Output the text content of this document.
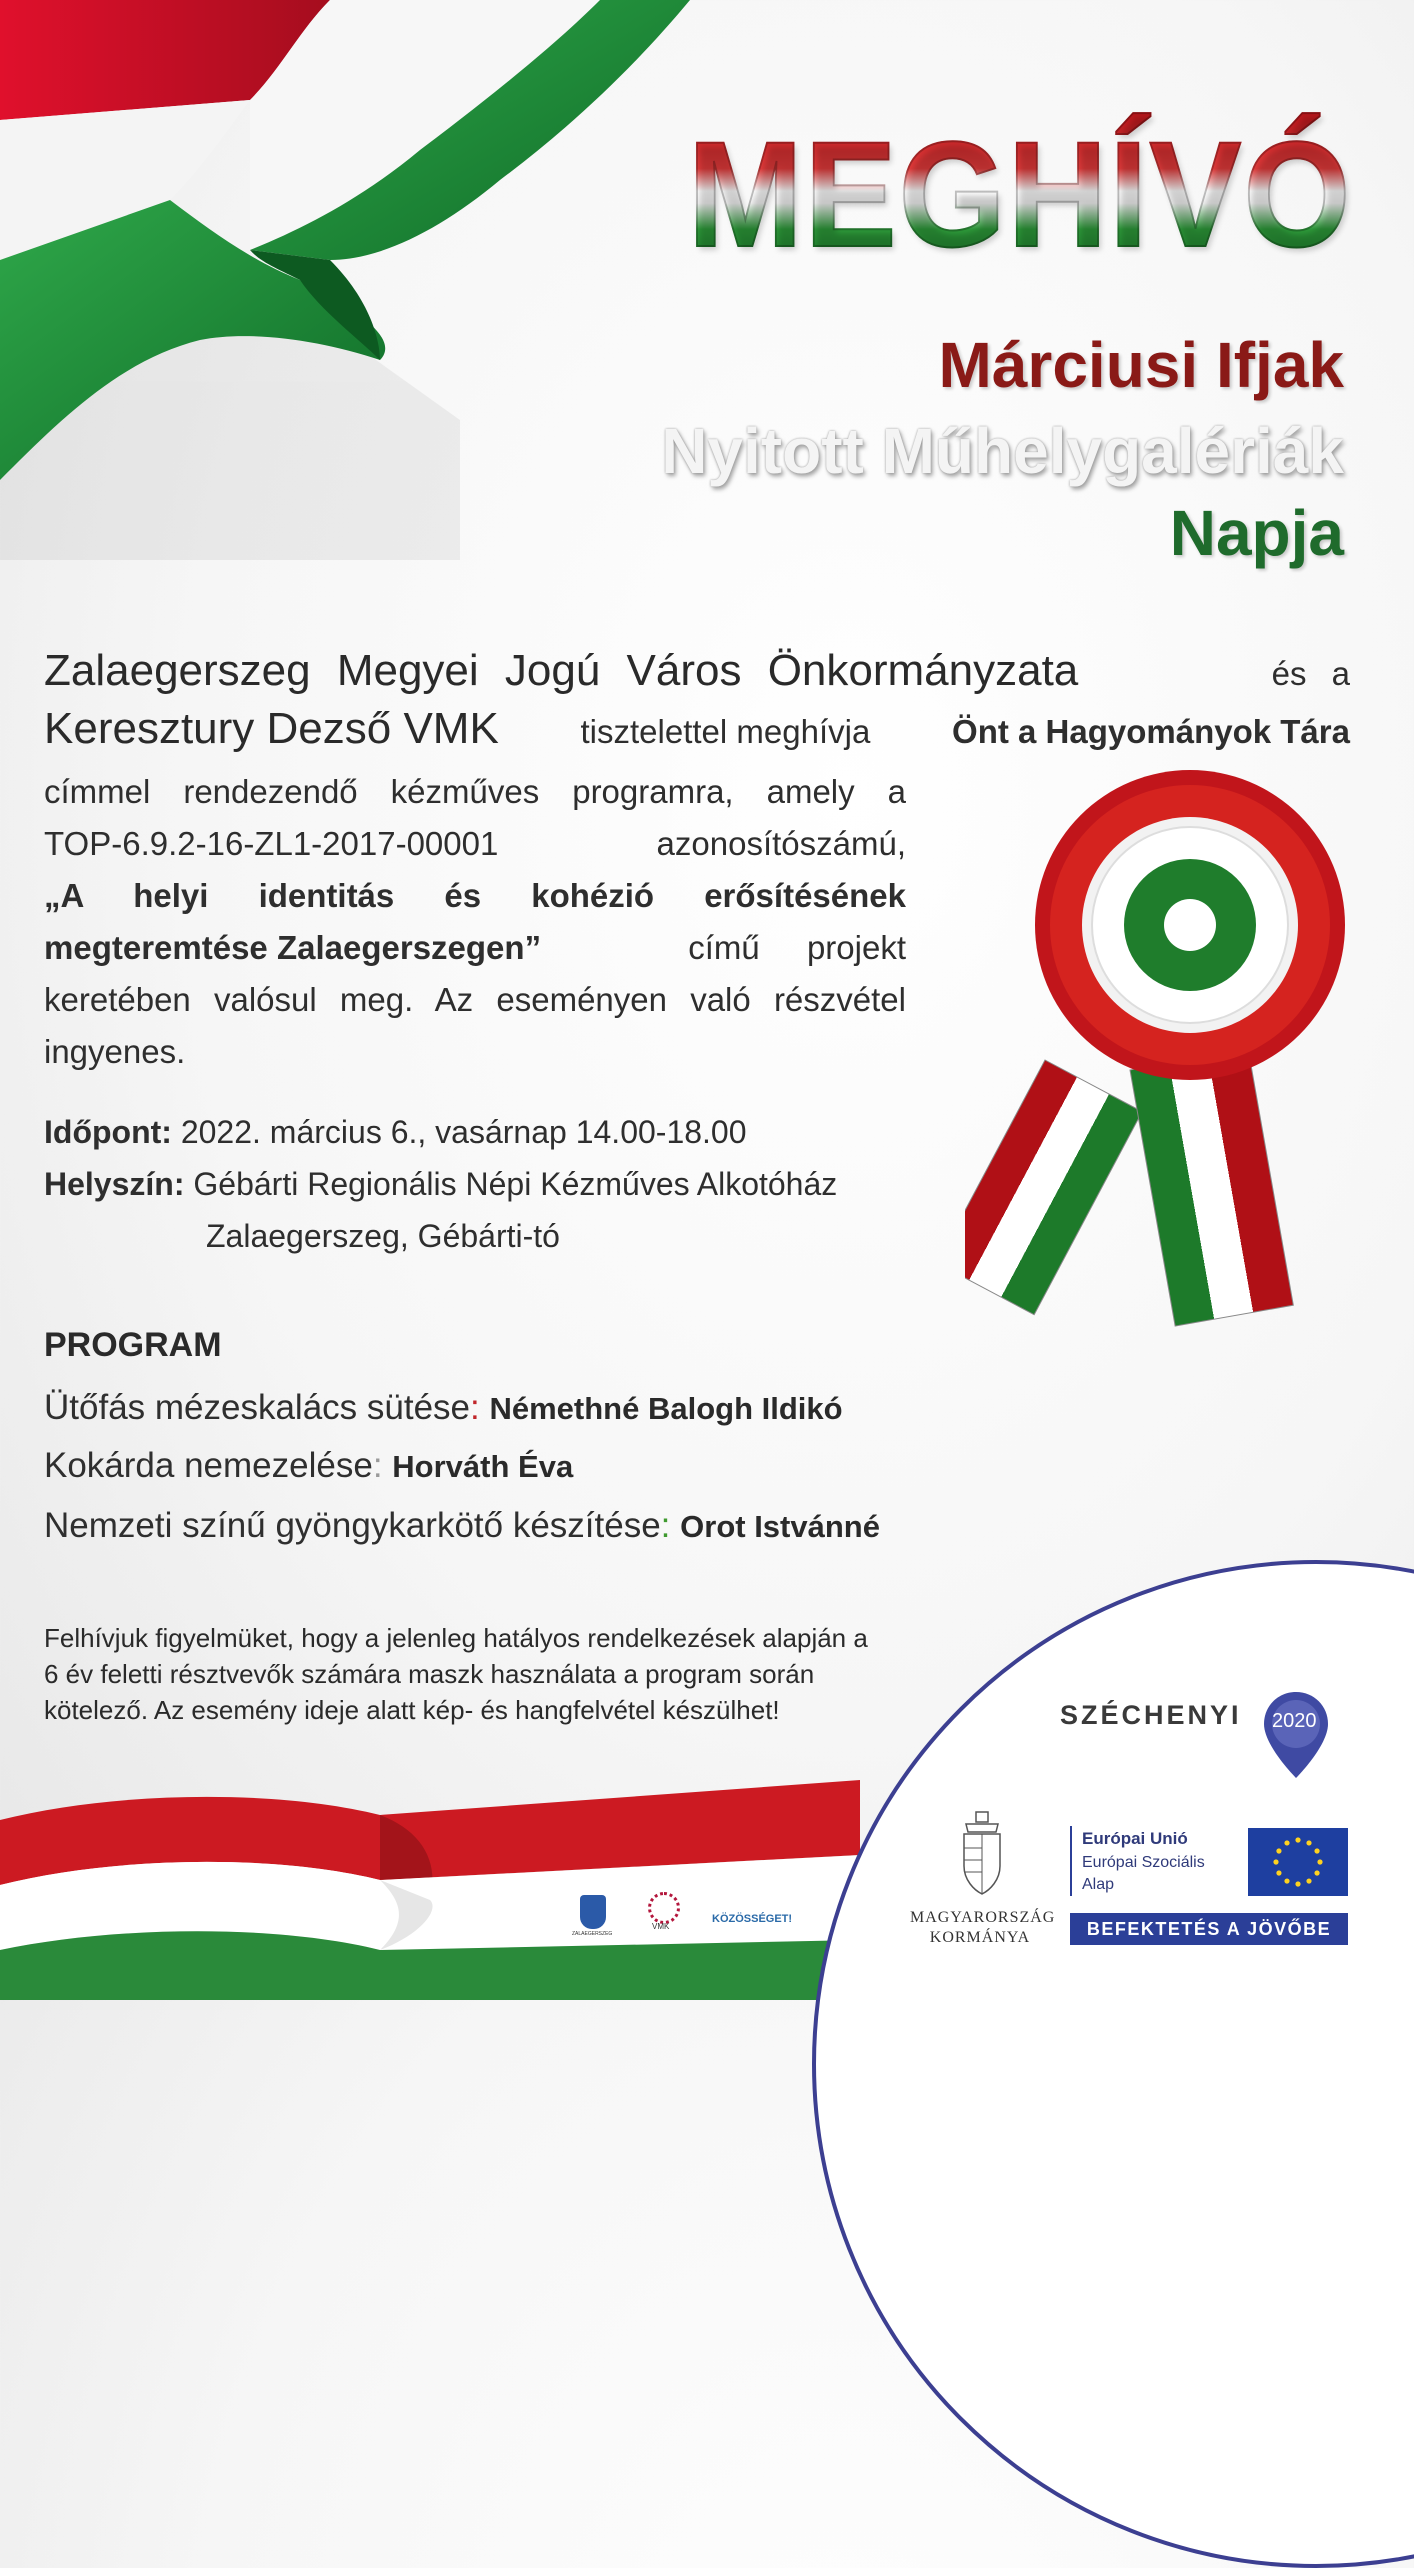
MEGHÍVÓ
Márciusi Ifjak
Nyitott Műhelygalériák
Napja
Zalaegerszeg Megyei Jogú Város Önkormányzata	és a
Keresztury Dezső VMK tisztelettel meghívja Önt a Hagyományok Tára
címmel rendezendő kézműves programra, amely a
TOP-6.9.2-16-ZL1-2017-00001	azonosítószámú,
„A helyi identitás és kohézió erősítésének
megteremtése Zalaegerszegen”	című projekt
keretében valósul meg. Az eseményen való részvétel
ingyenes.
Időpont: 2022. március 6., vasárnap 14.00-18.00
Helyszín: Gébárti Regionális Népi Kézműves Alkotóház
Zalaegerszeg, Gébárti-tó
PROGRAM
Ütőfás mézeskalács sütése: Némethné Balogh Ildikó
Kokárda nemezelése: Horváth Éva
Nemzeti színű gyöngykarkötő készítése: Orot Istvánné
Felhívjuk figyelmüket, hogy a jelenleg hatályos rendelkezések alapján a
6 év feletti résztvevők számára maszk használata a program során
kötelező. Az esemény ideje alatt kép- és hangfelvétel készülhet!
ZALAEGERSZEG
VMK
KÖZÖSSÉGET!
SZÉCHENYI 2020
MAGYARORSZÁG
KORMÁNYA
Európai Unió
Európai Szociális
Alap
BEFEKTETÉS A JÖVŐBE
